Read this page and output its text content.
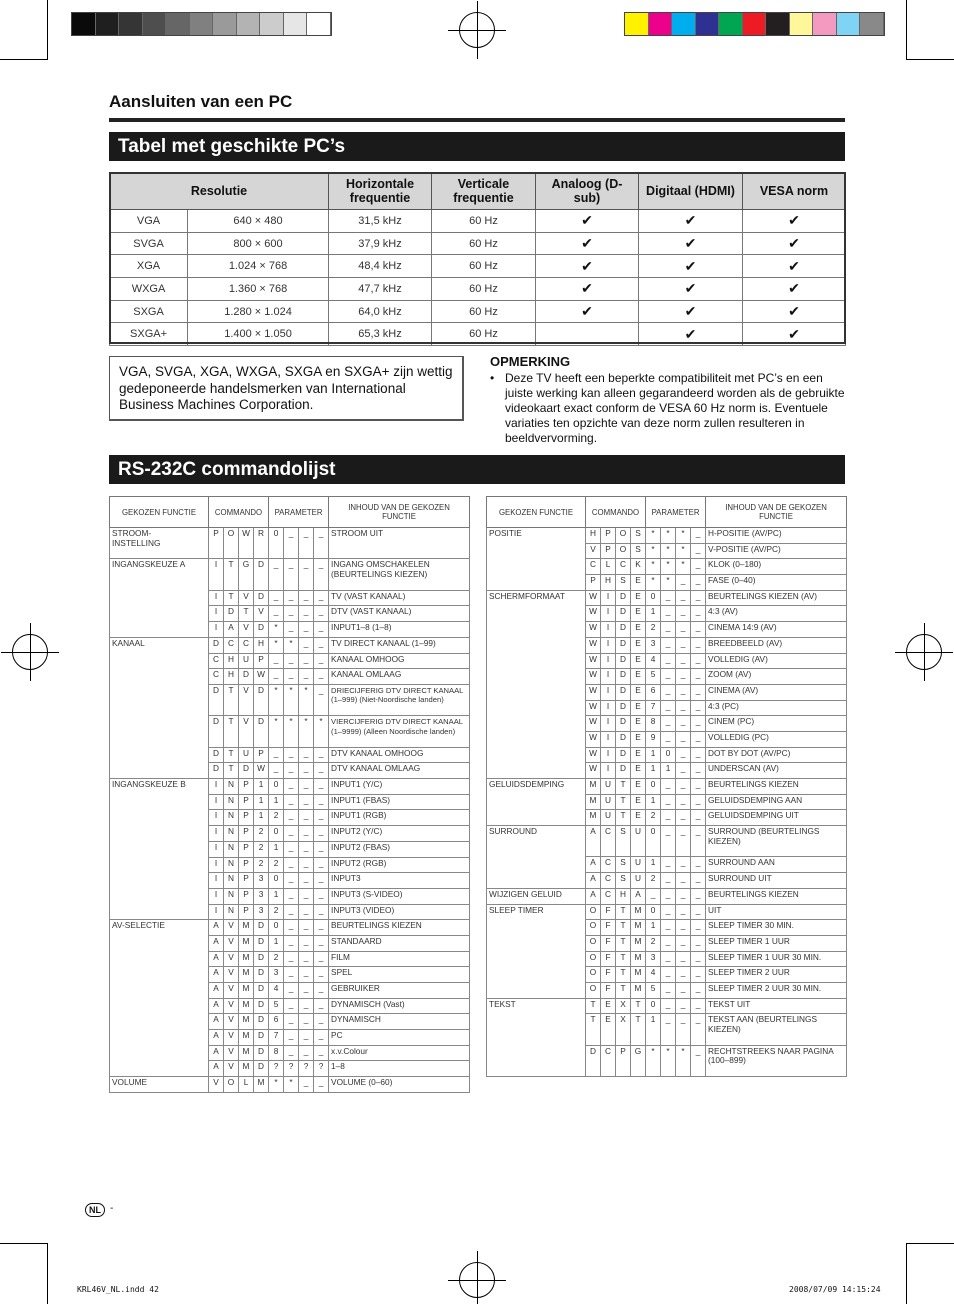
Aansluiten van een PC
Tabel met geschikte PC’s
Resolutie		Horizontale frequentie	Verticale frequentie	Analoog (D-sub)	Digitaal (HDMI)	VESA norm
VGA	640 × 480	31,5 kHz	60 Hz	✔	✔	✔
SVGA	800 × 600	37,9 kHz	60 Hz	✔	✔	✔
XGA	1.024 × 768	48,4 kHz	60 Hz	✔	✔	✔
WXGA	1.360 × 768	47,7 kHz	60 Hz	✔	✔	✔
SXGA	1.280 × 1.024	64,0 kHz	60 Hz	✔	✔	✔
SXGA+	1.400 × 1.050	65,3 kHz	60 Hz		✔	✔
VGA, SVGA, XGA, WXGA, SXGA en SXGA+ zijn wettig gedeponeerde handelsmerken van International Business Machines Corporation.
OPMERKING
• Deze TV heeft een beperkte compatibiliteit met PC’s en een juiste werking kan alleen gegarandeerd worden als de gebruikte videokaart exact conform de VESA 60 Hz norm is. Eventuele variaties ten opzichte van deze norm zullen resulteren in beeldvervorming.
RS-232C commandolijst
GEKOZEN FUNCTIE	COMMANDO				PARAMETER				INHOUD VAN DE GEKOZEN FUNCTIE
STROOM-
INSTELLING	P	O	W	R	0	_	_	_	STROOM UIT
INGANGSKEUZE A	I	T	G	D	_	_	_	_	INGANG OMSCHAKELEN
(BEURTELINGS KIEZEN)
	I	T	V	D	_	_	_	_	TV (VAST KANAAL)
	I	D	T	V	_	_	_	_	DTV (VAST KANAAL)
	I	A	V	D	*	_	_	_	INPUT1–8 (1–8)
KANAAL	D	C	C	H	*	*	_	_	TV DIRECT KANAAL (1–99)
	C	H	U	P	_	_	_	_	KANAAL OMHOOG
	C	H	D	W	_	_	_	_	KANAAL OMLAAG
	D	T	V	D	*	*	*	_	DRIECIJFERIG DTV DIRECT KANAAL
(1–999) (Niet-Noordische landen)
	D	T	V	D	*	*	*	*	VIERCIJFERIG DTV DIRECT KANAAL
(1–9999) (Alleen Noordische landen)
	D	T	U	P	_	_	_	_	DTV KANAAL OMHOOG
	D	T	D	W	_	_	_	_	DTV KANAAL OMLAAG
INGANGSKEUZE B	I	N	P	1	0	_	_	_	INPUT1 (Y/C)
	I	N	P	1	1	_	_	_	INPUT1 (FBAS)
	I	N	P	1	2	_	_	_	INPUT1 (RGB)
	I	N	P	2	0	_	_	_	INPUT2 (Y/C)
	I	N	P	2	1	_	_	_	INPUT2 (FBAS)
	I	N	P	2	2	_	_	_	INPUT2 (RGB)
	I	N	P	3	0	_	_	_	INPUT3
	I	N	P	3	1	_	_	_	INPUT3 (S-VIDEO)
	I	N	P	3	2	_	_	_	INPUT3 (VIDEO)
AV-SELECTIE	A	V	M	D	0	_	_	_	BEURTELINGS KIEZEN
	A	V	M	D	1	_	_	_	STANDAARD
	A	V	M	D	2	_	_	_	FILM
	A	V	M	D	3	_	_	_	SPEL
	A	V	M	D	4	_	_	_	GEBRUIKER
	A	V	M	D	5	_	_	_	DYNAMISCH (Vast)
	A	V	M	D	6	_	_	_	DYNAMISCH
	A	V	M	D	7	_	_	_	PC
	A	V	M	D	8	_	_	_	x.v.Colour
	A	V	M	D	?	?	?	?	1–8
VOLUME	V	O	L	M	*	*	_	_	VOLUME (0–60)
GEKOZEN FUNCTIE	COMMANDO				PARAMETER				INHOUD VAN DE GEKOZEN FUNCTIE
POSITIE	H	P	O	S	*	*	*	_	H-POSITIE (AV/PC)
	V	P	O	S	*	*	*	_	V-POSITIE (AV/PC)
	C	L	C	K	*	*	*	_	KLOK (0–180)
	P	H	S	E	*	*	_	_	FASE (0–40)
SCHERMFORMAAT	W	I	D	E	0	_	_	_	BEURTELINGS KIEZEN (AV)
	W	I	D	E	1	_	_	_	4:3 (AV)
	W	I	D	E	2	_	_	_	CINEMA 14:9 (AV)
	W	I	D	E	3	_	_	_	BREEDBEELD (AV)
	W	I	D	E	4	_	_	_	VOLLEDIG (AV)
	W	I	D	E	5	_	_	_	ZOOM (AV)
	W	I	D	E	6	_	_	_	CINEMA (AV)
	W	I	D	E	7	_	_	_	4:3 (PC)
	W	I	D	E	8	_	_	_	CINEM (PC)
	W	I	D	E	9	_	_	_	VOLLEDIG (PC)
	W	I	D	E	1	0	_	_	DOT BY DOT (AV/PC)
	W	I	D	E	1	1	_	_	UNDERSCAN (AV)
GELUIDSDEMPING	M	U	T	E	0	_	_	_	BEURTELINGS KIEZEN
	M	U	T	E	1	_	_	_	GELUIDSDEMPING AAN
	M	U	T	E	2	_	_	_	GELUIDSDEMPING UIT
SURROUND	A	C	S	U	0	_	_	_	SURROUND (BEURTELINGS
KIEZEN)
	A	C	S	U	1	_	_	_	SURROUND AAN
	A	C	S	U	2	_	_	_	SURROUND UIT
WIJZIGEN GELUID	A	C	H	A	_	_	_	_	BEURTELINGS KIEZEN
SLEEP TIMER	O	F	T	M	0	_	_	_	UIT
	O	F	T	M	1	_	_	_	SLEEP TIMER 30 MIN.
	O	F	T	M	2	_	_	_	SLEEP TIMER 1 UUR
	O	F	T	M	3	_	_	_	SLEEP TIMER 1 UUR 30 MIN.
	O	F	T	M	4	_	_	_	SLEEP TIMER 2 UUR
	O	F	T	M	5	_	_	_	SLEEP TIMER 2 UUR 30 MIN.
TEKST	T	E	X	T	0	_	_	_	TEKST UIT
	T	E	X	T	1	_	_	_	TEKST AAN (BEURTELINGS
KIEZEN)
	D	C	P	G	*	*	*	_	RECHTSTREEKS NAAR PAGINA
(100–899)
NL -
KRL46V_NL.indd 42	2008/07/09 14:15:24
